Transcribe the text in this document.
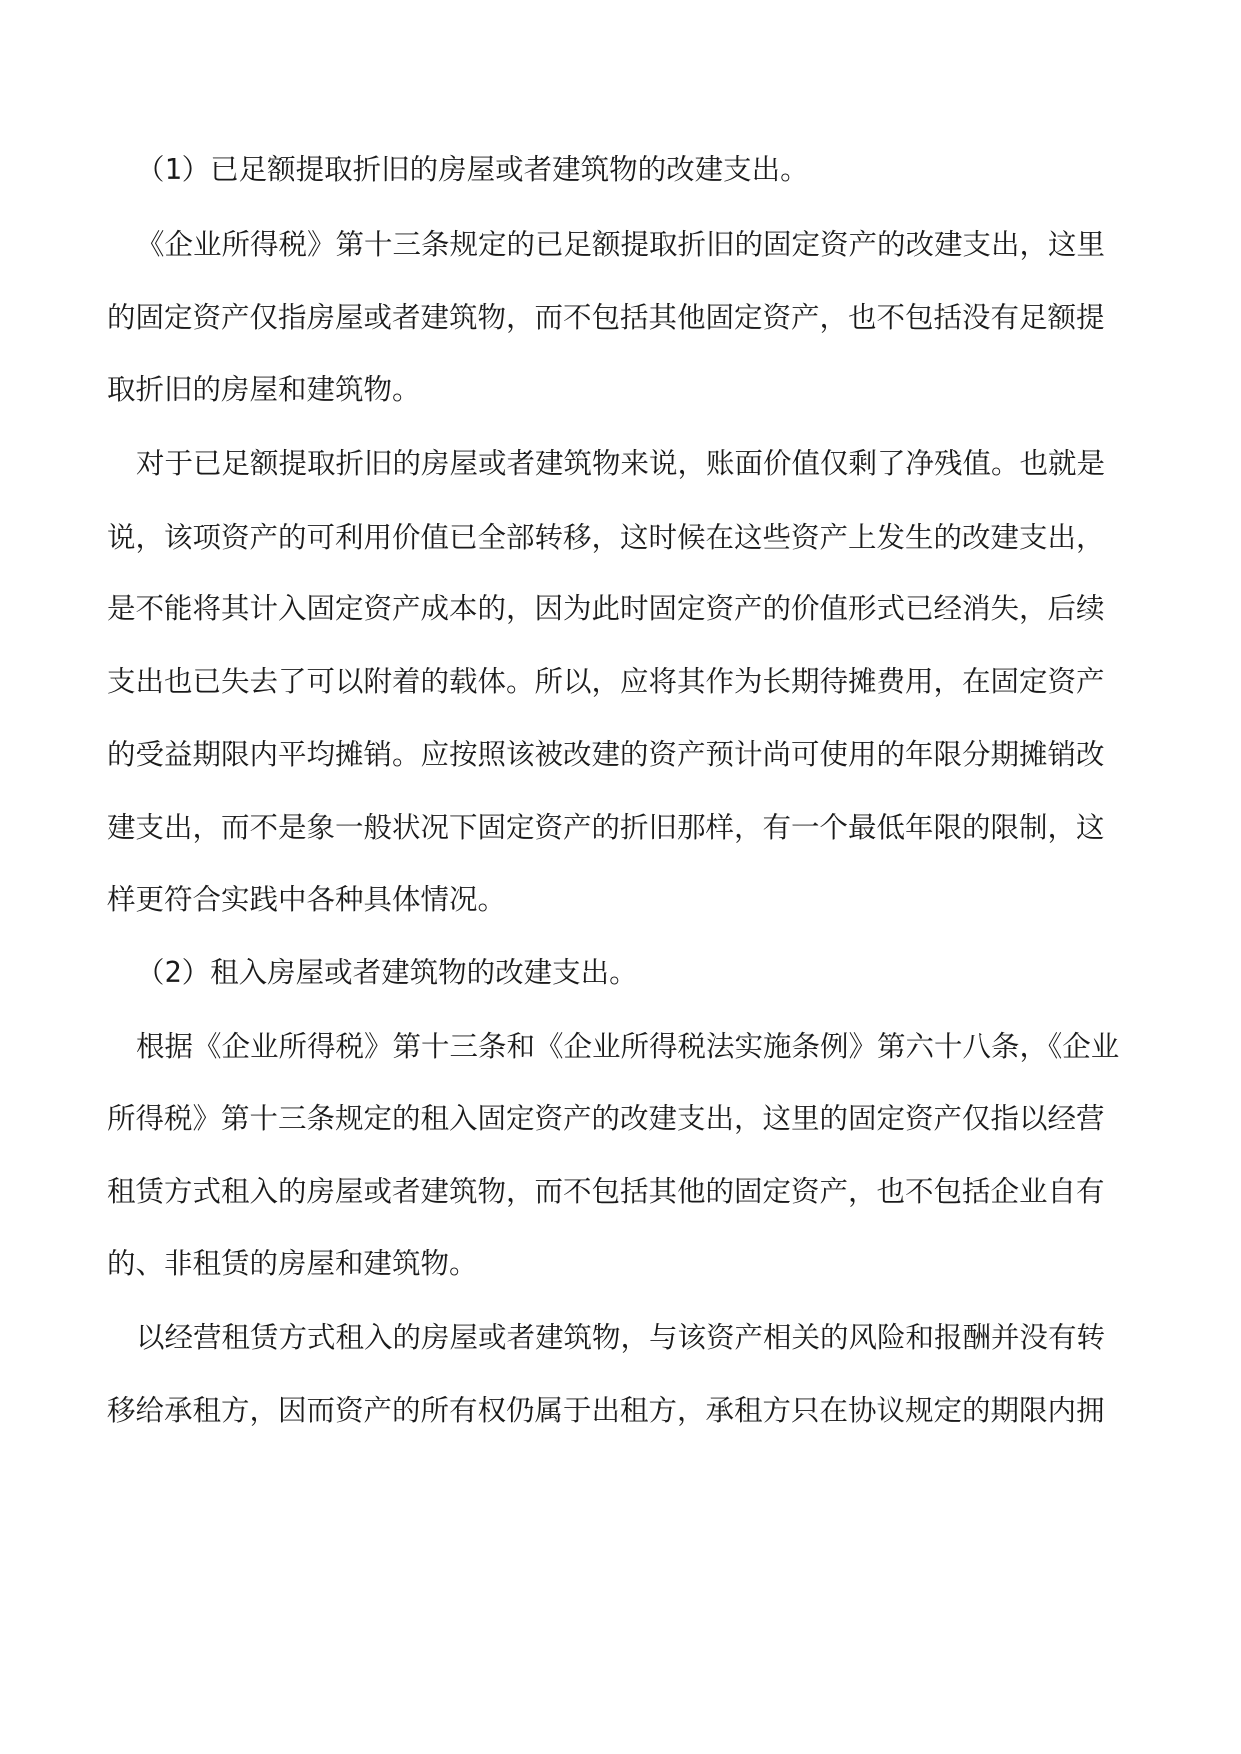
（1）已足额提取折旧的房屋或者建筑物的改建支出。
《企业所得税》第十三条规定的已足额提取折旧的固定资产的改建支出，这里
的固定资产仅指房屋或者建筑物，而不包括其他固定资产，也不包括没有足额提
取折旧的房屋和建筑物。
对于已足额提取折旧的房屋或者建筑物来说，账面价值仅剩了净残值。也就是
说，该项资产的可利用价值已全部转移，这时候在这些资产上发生的改建支出，
是不能将其计入固定资产成本的，因为此时固定资产的价值形式已经消失，后续
支出也已失去了可以附着的载体。所以，应将其作为长期待摊费用，在固定资产
的受益期限内平均摊销。应按照该被改建的资产预计尚可使用的年限分期摊销改
建支出，而不是象一般状况下固定资产的折旧那样，有一个最低年限的限制，这
样更符合实践中各种具体情况。
（2）租入房屋或者建筑物的改建支出。
根据《企业所得税》第十三条和《企业所得税法实施条例》第六十八条，《企业
所得税》第十三条规定的租入固定资产的改建支出，这里的固定资产仅指以经营
租赁方式租入的房屋或者建筑物，而不包括其他的固定资产，也不包括企业自有
的、非租赁的房屋和建筑物。
以经营租赁方式租入的房屋或者建筑物，与该资产相关的风险和报酬并没有转
移给承租方，因而资产的所有权仍属于出租方，承租方只在协议规定的期限内拥
